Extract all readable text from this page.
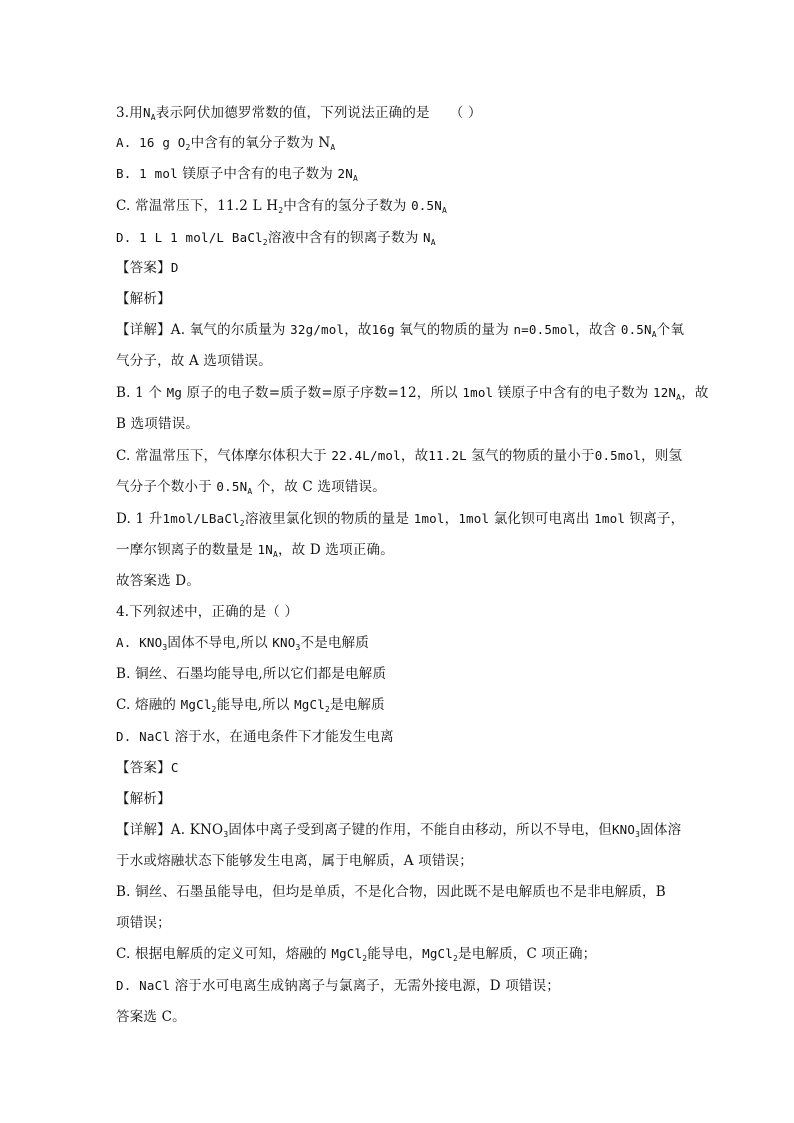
3.用$N_A$表示阿伏加德罗常数的值，下列说法正确的是 （ ）
A. 16 g $O_2$中含有的氧分子数为 $N_A$
B. 1 mol 镁原子中含有的电子数为 $2N_A$
C. 常温常压下，11.2 L $H_2$中含有的氢分子数为 $0.5N_A$
D. 1 L 1 mol/L BaCl$_2$溶液中含有的钡离子数为 $N_A$
【答案】D
【解析】
【详解】A. 氧气的尔质量为 32g/mol，故16g 氧气的物质的量为 n=0.5mol，故含 $0.5N_A$个氧
气分子，故 A 选项错误。
B. 1 个 Mg 原子的电子数=质子数=原子序数=12，所以 1mol 镁原子中含有的电子数为 $12N_A$，故
B 选项错误。
C. 常温常压下，气体摩尔体积大于 22.4L/mol，故11.2L 氢气的物质的量小于0.5mol，则氢
气分子个数小于 $0.5N_A$ 个，故 C 选项错误。
D. 1 升1mol/LBaCl$_2$溶液里氯化钡的物质的量是 1mol，1mol 氯化钡可电离出 1mol 钡离子，
一摩尔钡离子的数量是 $1N_A$，故 D 选项正确。
故答案选 D。
4.下列叙述中，正确的是（ ）
A. $KNO_3$固体不导电,所以 $KNO_3$不是电解质
B. 铜丝、石墨均能导电,所以它们都是电解质
C. 熔融的 MgCl$_2$能导电,所以 MgCl$_2$是电解质
D. NaCl 溶于水，在通电条件下才能发生电离
【答案】C
【解析】
【详解】A. $KNO_3$固体中离子受到离子键的作用，不能自由移动，所以不导电，但$KNO_3$固体溶
于水或熔融状态下能够发生电离，属于电解质，A 项错误；
B. 铜丝、石墨虽能导电，但均是单质，不是化合物，因此既不是电解质也不是非电解质，B
项错误；
C. 根据电解质的定义可知，熔融的 MgCl$_2$能导电，MgCl$_2$是电解质，C 项正确；
D. NaCl 溶于水可电离生成钠离子与氯离子，无需外接电源，D 项错误；
答案选 C。
